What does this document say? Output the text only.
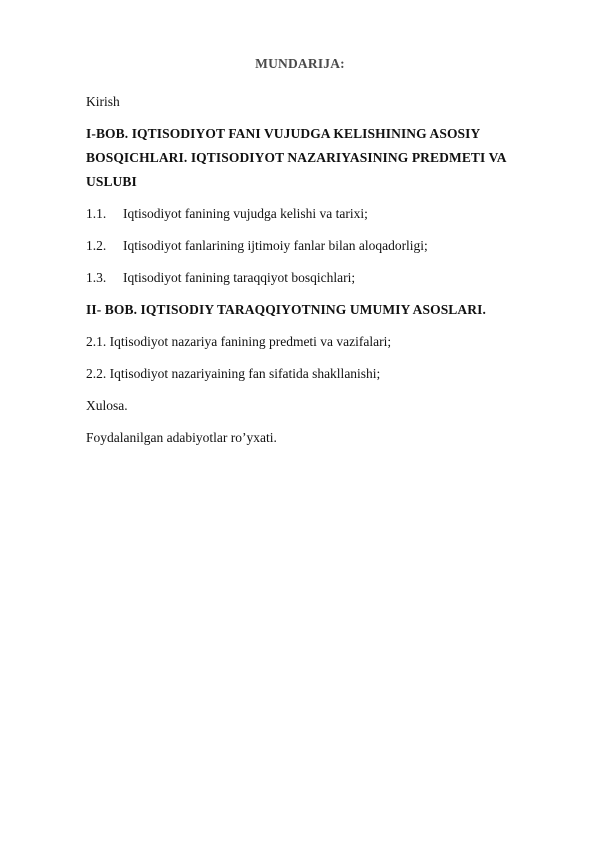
MUNDARIJA:
Kirish
I-BOB. IQTISODIYOT FANI VUJUDGA KELISHINING ASOSIY
BOSQICHLARI. IQTISODIYOT NAZARIYASINING PREDMETI VA
USLUBI
1.1. Iqtisodiyot fanining vujudga kelishi va tarixi;
1.2. Iqtisodiyot fanlarining ijtimoiy fanlar bilan aloqadorligi;
1.3. Iqtisodiyot fanining taraqqiyot bosqichlari;
II- BOB. IQTISODIY TARAQQIYOTNING UMUMIY ASOSLARI.
2.1. Iqtisodiyot nazariya fanining predmeti va vazifalari;
2.2. Iqtisodiyot nazariyaining fan sifatida shakllanishi;
Xulosa.
Foydalanilgan adabiyotlar ro’yxati.
